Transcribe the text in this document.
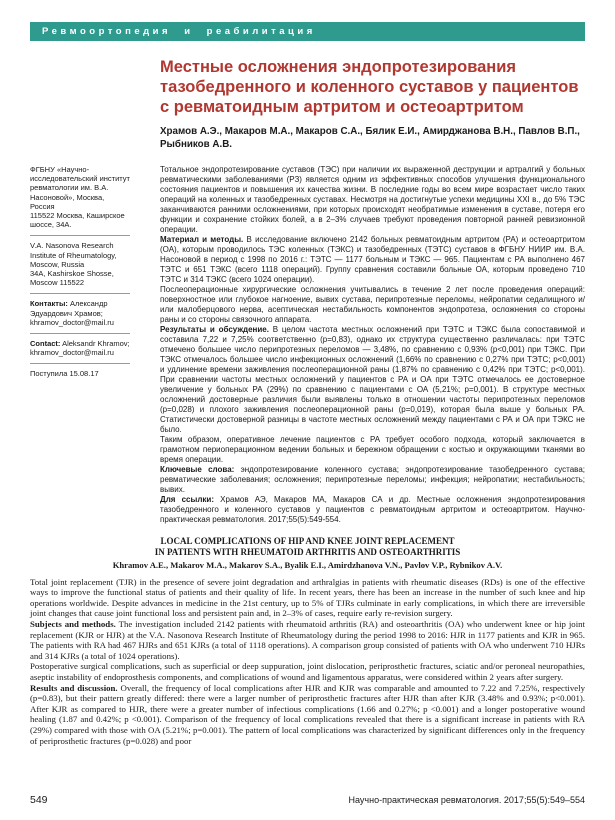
Ревмоортопедия и реабилитация
Местные осложнения эндопротезирования тазобедренного и коленного суставов у пациентов с ревматоидным артритом и остеоартритом
Храмов А.Э., Макаров М.А., Макаров С.А., Бялик Е.И., Амирджанова В.Н., Павлов В.П., Рыбников А.В.
ФГБНУ «Научно-исследовательский институт ревматологии им. В.А. Насоновой», Москва, Россия
115522 Москва, Каширское шоссе, 34А.
V.A. Nasonova Research Institute of Rheumatology, Moscow, Russia
34А, Kashirskoe Shosse, Moscow 115522
Контакты: Александр Эдуардович Храмов;
khramov_doctor@mail.ru
Contact: Aleksandr Khramov;
khramov_doctor@mail.ru
Поступила 15.08.17

Тотальное эндопротезирование суставов (ТЭС) при наличии их выраженной деструкции и артралгий у больных ревматическими заболеваниями (РЗ) является одним из эффективных способов улучшения функционального состояния пациентов и повышения их качества жизни. В последние годы во всем мире возрастает число таких операций на коленных и тазобедренных суставах. Несмотря на достигнутые успехи медицины XXI в., до 5% ТЭС заканчиваются ранними осложнениями, при которых происходят необратимые изменения в суставе, потеря его функции и сохранение стойких болей, а в 2–3% случаев требуют проведения повторной ранней ревизионной операции.

Материал и методы. В исследование включено 2142 больных ревматоидным артритом (РА) и остеоартритом (ОА), которым проводилось ТЭС коленных (ТЭКС) и тазобедренных (ТЭТС) суставов в ФГБНУ НИИР им. В.А. Насоновой в период с 1998 по 2016 г.: ТЭТС — 1177 больным и ТЭКС — 965. Пациентам с РА выполнено 467 ТЭТС и 651 ТЭКС (всего 1118 операций). Группу сравнения составили больные ОА, которым проведено 710 ТЭТС и 314 ТЭКС (всего 1024 операции).

Послеоперационные хирургические осложнения учитывались в течение 2 лет после проведения операций: поверхностное или глубокое нагноение, вывих сустава, перипротезные переломы, нейропатии седалищного и/или малоберцового нерва, асептическая нестабильность компонентов эндопротеза, осложнения со стороны раны и со стороны связочного аппарата.

Результаты и обсуждение. В целом частота местных осложнений при ТЭТС и ТЭКС была сопоставимой и составила 7,22 и 7,25% соответственно (р=0,83), однако их структура существенно различалась: при ТЭТС отмечено большее число перипротезных переломов — 3,48%, по сравнению с 0,93% (р<0,001) при ТЭКС. При ТЭКС отмечалось большее число инфекционных осложнений (1,66% по сравнению с 0,27% при ТЭТС; р<0,001) и удлинение времени заживления послеоперационной раны (1,87% по сравнению с 0,42% при ТЭТС; р<0,001). При сравнении частоты местных осложнений у пациентов с РА и ОА при ТЭТС отмечалось ее достоверное увеличение у больных РА (29%) по сравнению с пациентами с ОА (5,21%; р=0,001). В структуре местных осложнений достоверные различия были выявлены только в отношении частоты перипротезных переломов (р=0,028) и плохого заживления послеоперационной раны (р=0,019), которая была выше у больных РА. Статистически достоверной разницы в частоте местных осложнений между пациентами с РА и ОА при ТЭКС не было.

Таким образом, оперативное лечение пациентов с РА требует особого подхода, который заключается в грамотном периоперационном ведении больных и бережном обращении с костью и окружающими тканями во время операции.

Ключевые слова: эндопротезирование коленного сустава; эндопротезирование тазобедренного сустава; ревматические заболевания; осложнения; перипротезные переломы; инфекция; нейропатии; нестабильность; вывих.

Для ссылки: Храмов АЭ, Макаров МА, Макаров СА и др. Местные осложнения эндопротезирования тазобедренного и коленного суставов у пациентов с ревматоидным артритом и остеоартритом. Научно-практическая ревматология. 2017;55(5):549-554.

LOCAL COMPLICATIONS OF HIP AND KNEE JOINT REPLACEMENT
IN PATIENTS WITH RHEUMATOID ARTHRITIS AND OSTEOARTHRITIS
Khramov A.E., Makarov M.A., Makarov S.A., Byalik E.I., Amirdzhanova V.N., Pavlov V.P., Rybnikov A.V.

Total joint replacement (TJR) in the presence of severe joint degradation and arthralgias in patients with rheumatic diseases (RDs) is one of the effective ways to improve the functional status of patients and their quality of life. In recent years, there has been an increase in the number of such knee and hip operations worldwide. Despite advances in medicine in the 21st century, up to 5% of TJRs culminate in early complications, in which there are irreversible joint changes that cause joint functional loss and persistent pain and, in 2–3% of cases, require early re-revision surgery.

Subjects and methods. The investigation included 2142 patients with rheumatoid arthritis (RA) and osteoarthritis (OA) who underwent knee or hip joint replacement (KJR or HJR) at the V.A. Nasonova Research Institute of Rheumatology during the period 1998 to 2016: HJR in 1177 patients and KJR in 965. The patients with RA had 467 HJRs and 651 KJRs (a total of 1118 operations). A comparison group consisted of patients with OA who underwent 710 HJRs and 314 KJRs (a total of 1024 operations).

Postoperative surgical complications, such as superficial or deep suppuration, joint dislocation, periprosthetic fractures, sciatic and/or peroneal neuropathies, aseptic instability of endoprosthesis components, and complications of wound and ligamentous apparatus, were considered within 2 years after surgery.

Results and discussion. Overall, the frequency of local complications after HJR and KJR was comparable and amounted to 7.22 and 7.25%, respectively (p=0.83), but their pattern greatly differed: there were a larger number of periprosthetic fractures after HJR than after KJR (3.48% and 0.93%; p<0.001). After KJR as compared to HJR, there were a greater number of infectious complications (1.66 and 0.27%; p <0.001) and a longer postoperative wound healing (1.87 and 0.42%; p <0.001). Comparison of the frequency of local complications revealed that there is a significant increase in patients with RA (29%) compared with those with OA (5.21%; p=0.001). The pattern of local complications was characterized by significant differences only in the frequency of periprosthetic fractures (p=0.028) and poor

549	Научно-практическая ревматология. 2017;55(5):549–554
